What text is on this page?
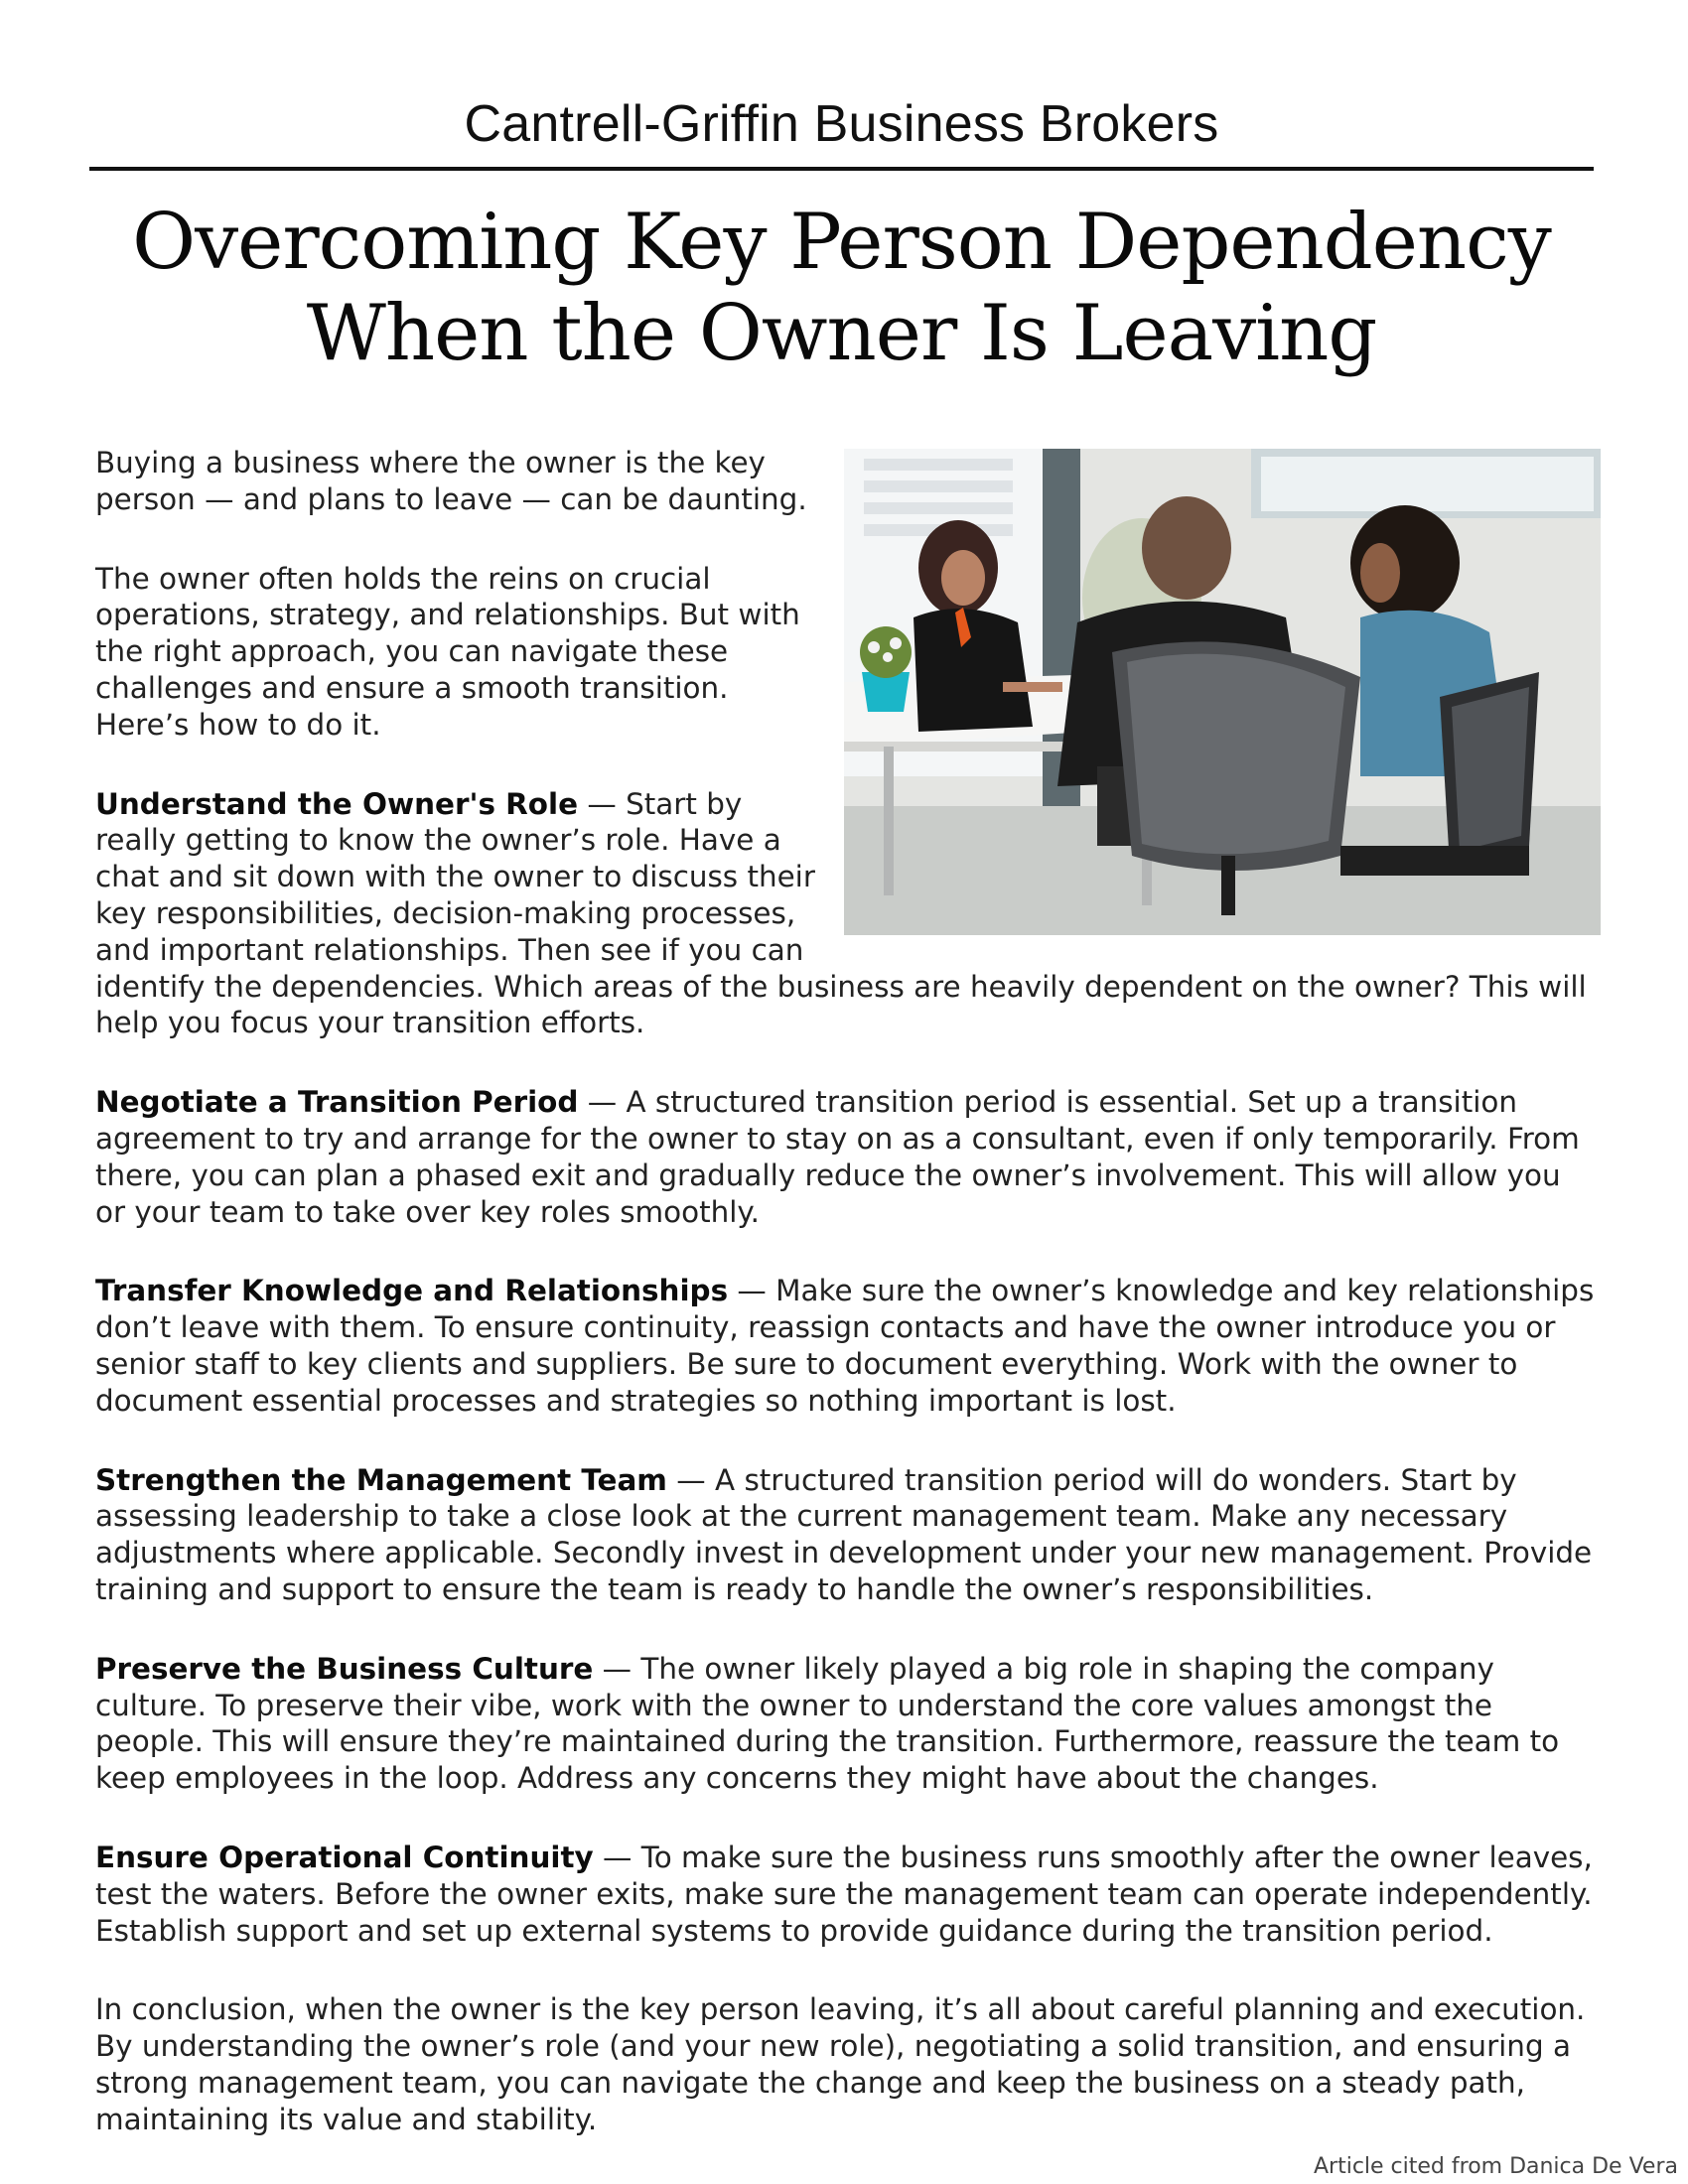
Cantrell-Griffin Business Brokers
Overcoming Key Person Dependency
When the Owner Is Leaving

Buying a business where the owner is the key person — and plans to leave — can be daunting.

The owner often holds the reins on crucial operations, strategy, and relationships. But with the right approach, you can navigate these challenges and ensure a smooth transition. Here’s how to do it.

Understand the Owner's Role — Start by really getting to know the owner’s role. Have a chat and sit down with the owner to discuss their key responsibilities, decision-making processes, and important relationships. Then see if you can identify the dependencies. Which areas of the business are heavily dependent on the owner? This will help you focus your transition efforts.

Negotiate a Transition Period — A structured transition period is essential. Set up a transition agreement to try and arrange for the owner to stay on as a consultant, even if only temporarily. From there, you can plan a phased exit and gradually reduce the owner’s involvement. This will allow you or your team to take over key roles smoothly.

Transfer Knowledge and Relationships — Make sure the owner’s knowledge and key relationships don’t leave with them. To ensure continuity, reassign contacts and have the owner introduce you or senior staff to key clients and suppliers. Be sure to document everything. Work with the owner to document essential processes and strategies so nothing important is lost.

Strengthen the Management Team — A structured transition period will do wonders. Start by assessing leadership to take a close look at the current management team. Make any necessary adjustments where applicable. Secondly invest in development under your new management. Provide training and support to ensure the team is ready to handle the owner’s responsibilities.

Preserve the Business Culture — The owner likely played a big role in shaping the company culture. To preserve their vibe, work with the owner to understand the core values amongst the people. This will ensure they’re maintained during the transition. Furthermore, reassure the team to keep employees in the loop. Address any concerns they might have about the changes.

Ensure Operational Continuity — To make sure the business runs smoothly after the owner leaves, test the waters. Before the owner exits, make sure the management team can operate independently. Establish support and set up external systems to provide guidance during the transition period.

In conclusion, when the owner is the key person leaving, it’s all about careful planning and execution. By understanding the owner’s role (and your new role), negotiating a solid transition, and ensuring a strong management team, you can navigate the change and keep the business on a steady path, maintaining its value and stability.

Article cited from Danica De Vera
